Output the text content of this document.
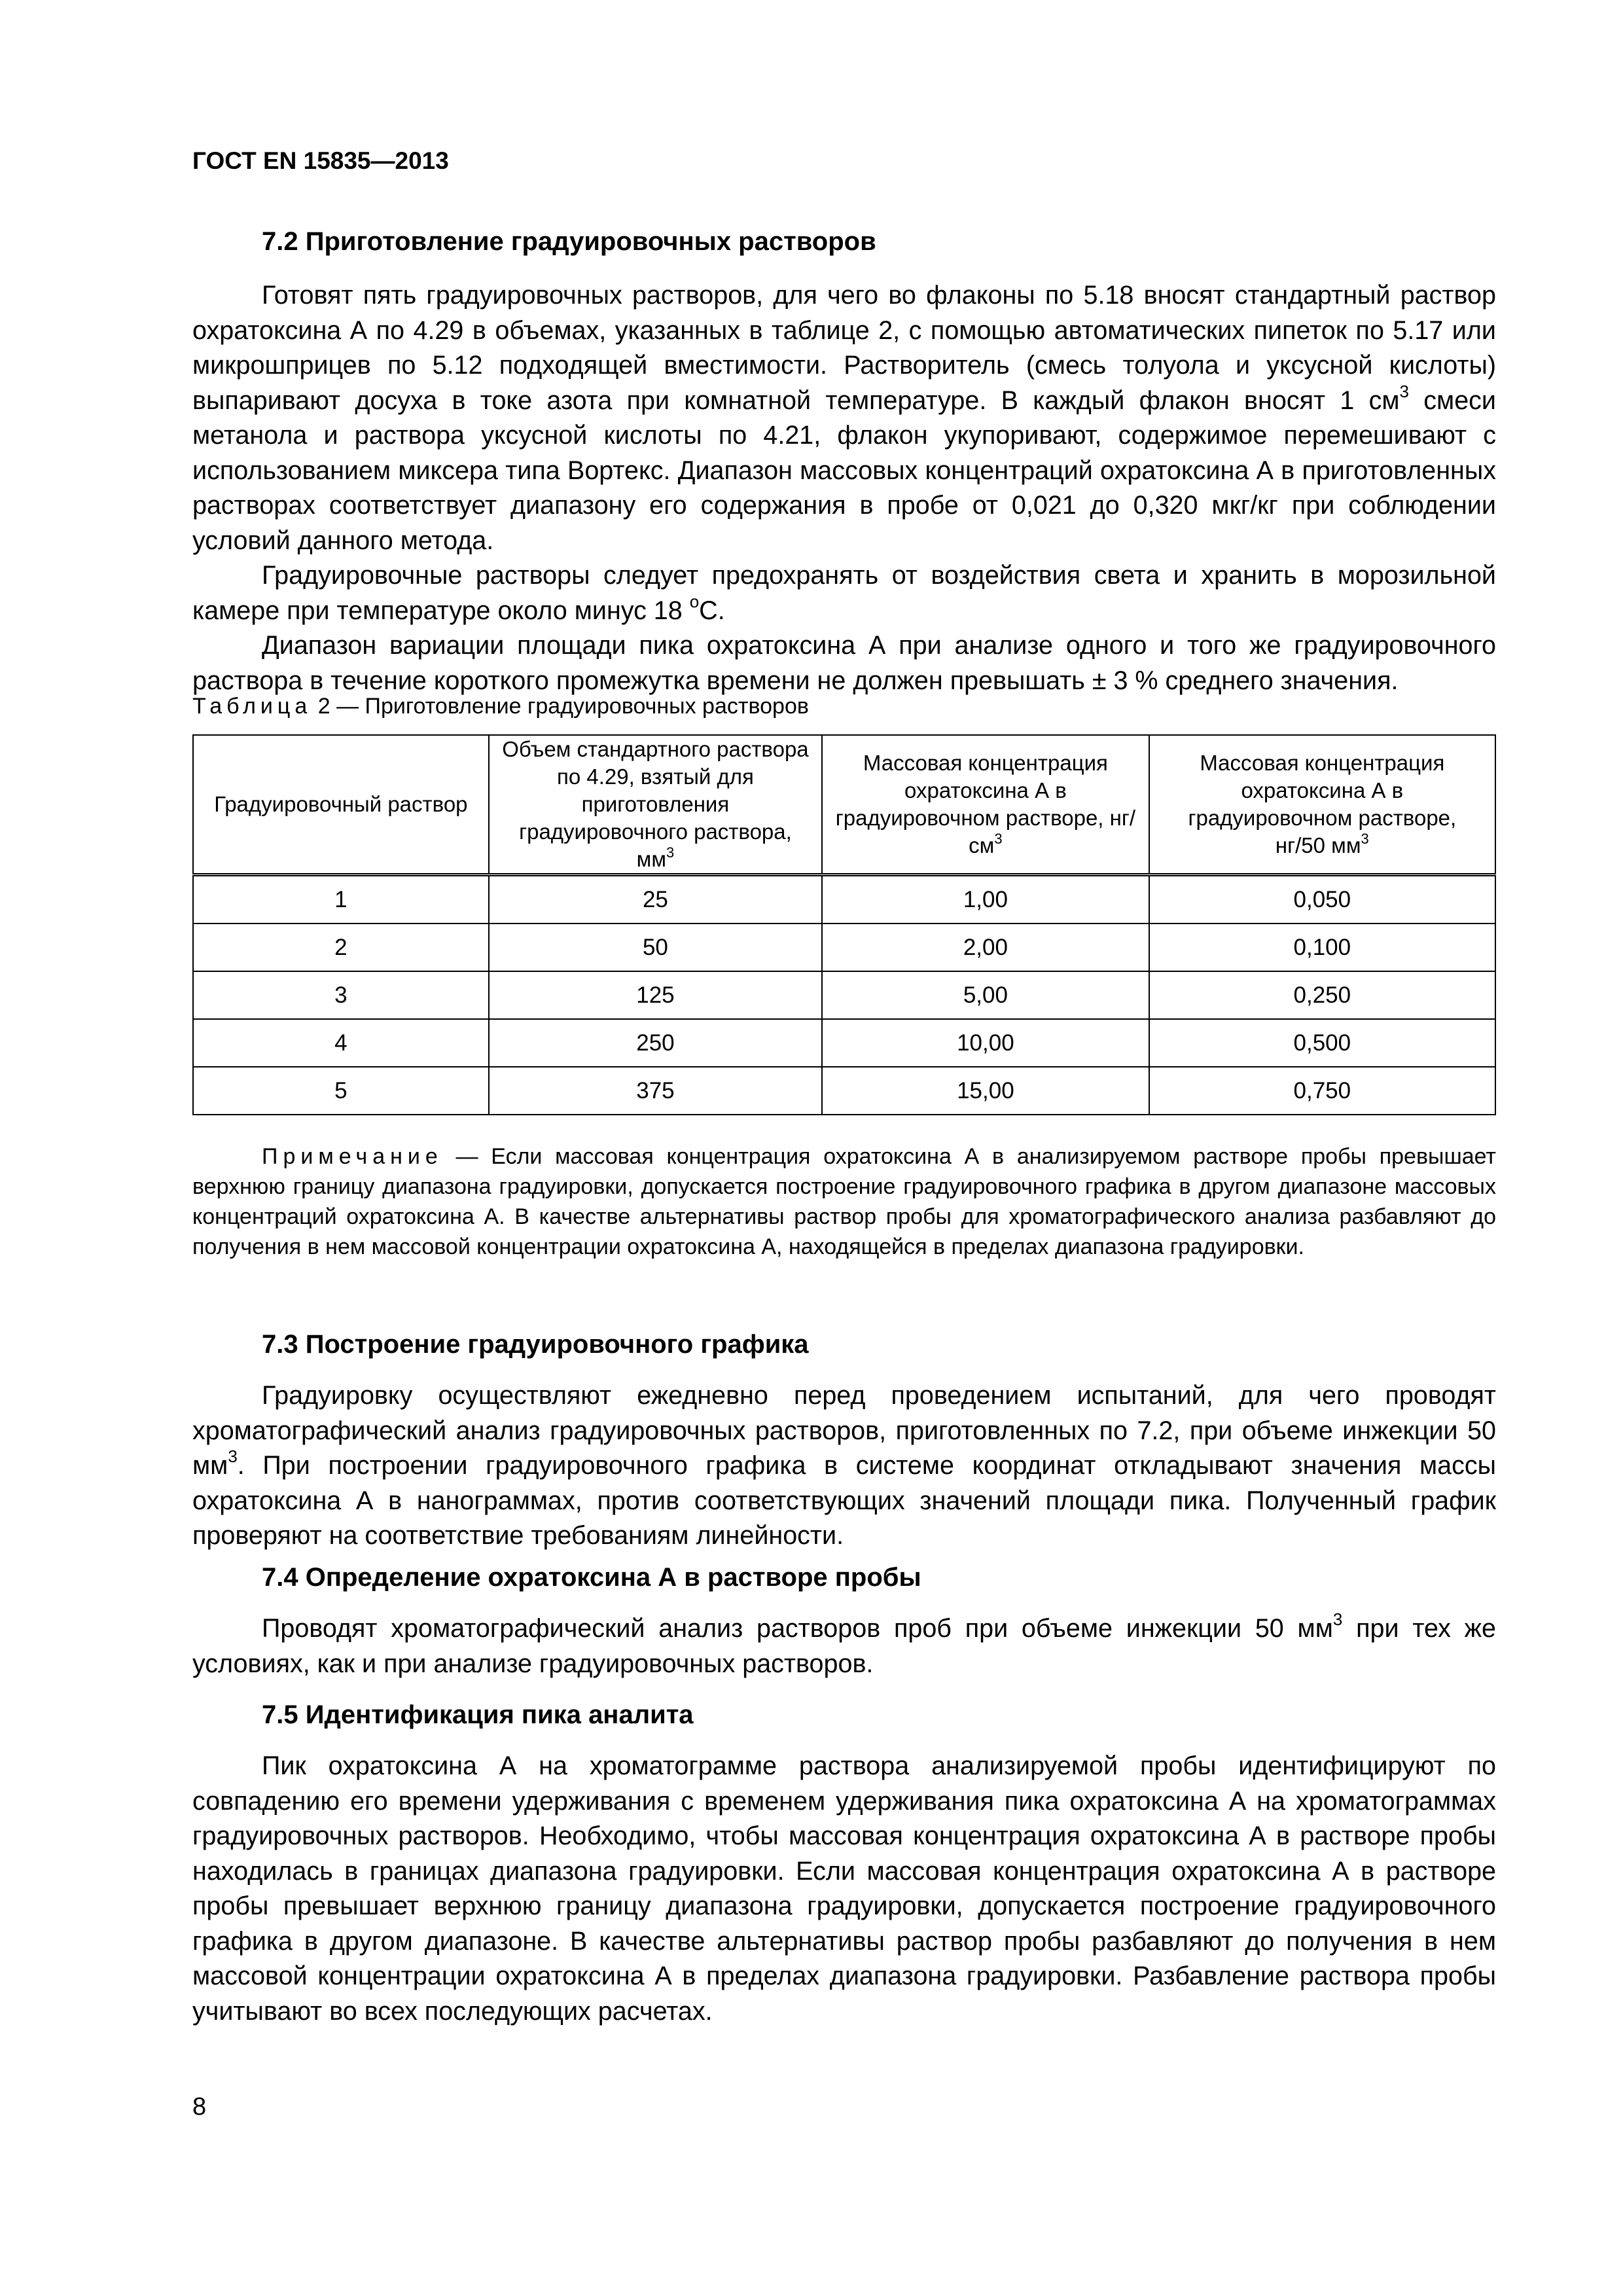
ГОСТ EN 15835—2013

7.2 Приготовление градуировочных растворов

Готовят пять градуировочных растворов, для чего во флаконы по 5.18 вносят стандартный раствор охратоксина А по 4.29 в объемах, указанных в таблице 2, с помощью автоматических пипеток по 5.17 или микрошприцев по 5.12 подходящей вместимости. Растворитель (смесь толуола и уксусной кислоты) выпаривают досуха в токе азота при комнатной температуре. В каждый флакон вносят 1 $см^3$ смеси метанола и раствора уксусной кислоты по 4.21, флакон укупоривают, содержимое перемешивают с использованием миксера типа Вортекс. Диапазон массовых концентраций охратоксина А в приготовленных растворах соответствует диапазону его содержания в пробе от 0,021 до 0,320 мкг/кг при соблюдении условий данного метода.

Градуировочные растворы следует предохранять от воздействия света и хранить в морозильной камере при температуре около минус 18 $^о$С.

Диапазон вариации площади пика охратоксина А при анализе одного и того же градуировочного раствора в течение короткого промежутка времени не должен превышать ± 3 % среднего значения.

Таблица 2 — Приготовление градуировочных растворов
Градуировочный раствор	Объем стандартного раствора по 4.29, взятый для приготовления градуировочного раствора, $мм^3$	Массовая концентрация охратоксина А в градуировочном растворе, $нг/см^3$	Массовая концентрация охратоксина А в градуировочном растворе, нг/50 $мм^3$
1	25	1,00	0,050
2	50	2,00	0,100
3	125	5,00	0,250
4	250	10,00	0,500
5	375	15,00	0,750

Примечание — Если массовая концентрация охратоксина А в анализируемом растворе пробы превышает верхнюю границу диапазона градуировки, допускается построение градуировочного графика в другом диапазоне массовых концентраций охратоксина А. В качестве альтернативы раствор пробы для хроматографического анализа разбавляют до получения в нем массовой концентрации охратоксина А, находящейся в пределах диапазона градуировки.

7.3 Построение градуировочного графика

Градуировку осуществляют ежедневно перед проведением испытаний, для чего проводят хроматографический анализ градуировочных растворов, приготовленных по 7.2, при объеме инжекции 50 $мм^3$. При построении градуировочного графика в системе координат откладывают значения массы охратоксина А в нанограммах, против соответствующих значений площади пика. Полученный график проверяют на соответствие требованиям линейности.

7.4 Определение охратоксина А в растворе пробы

Проводят хроматографический анализ растворов проб при объеме инжекции 50 $мм^3$ при тех же условиях, как и при анализе градуировочных растворов.

7.5 Идентификация пика аналита

Пик охратоксина А на хроматограмме раствора анализируемой пробы идентифицируют по совпадению его времени удерживания с временем удерживания пика охратоксина А на хроматограммах градуировочных растворов. Необходимо, чтобы массовая концентрация охратоксина А в растворе пробы находилась в границах диапазона градуировки. Если массовая концентрация охратоксина А в растворе пробы превышает верхнюю границу диапазона градуировки, допускается построение градуировочного графика в другом диапазоне. В качестве альтернативы раствор пробы разбавляют до получения в нем массовой концентрации охратоксина А в пределах диапазона градуировки. Разбавление раствора пробы учитывают во всех последующих расчетах.

8
